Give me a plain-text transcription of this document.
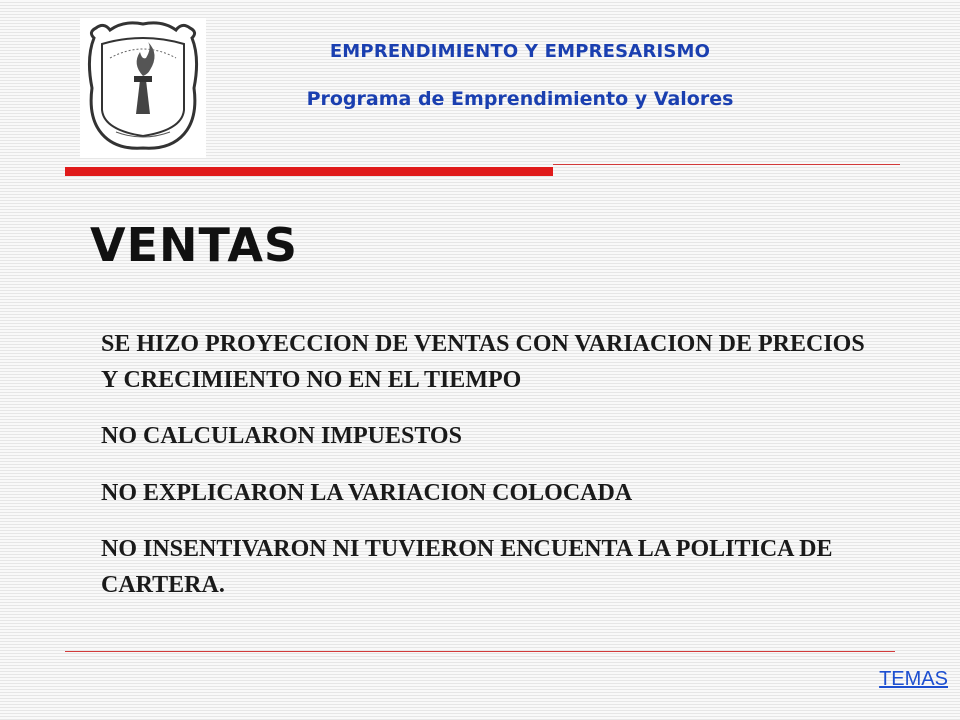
EMPRENDIMIENTO Y EMPRESARISMO
Programa de Emprendimiento y Valores
VENTAS

SE HIZO PROYECCION DE VENTAS CON VARIACION DE PRECIOS Y CRECIMIENTO NO EN EL TIEMPO

NO CALCULARON IMPUESTOS

NO EXPLICARON LA VARIACION COLOCADA

NO INSENTIVARON NI TUVIERON ENCUENTA LA POLITICA DE CARTERA.

TEMAS
